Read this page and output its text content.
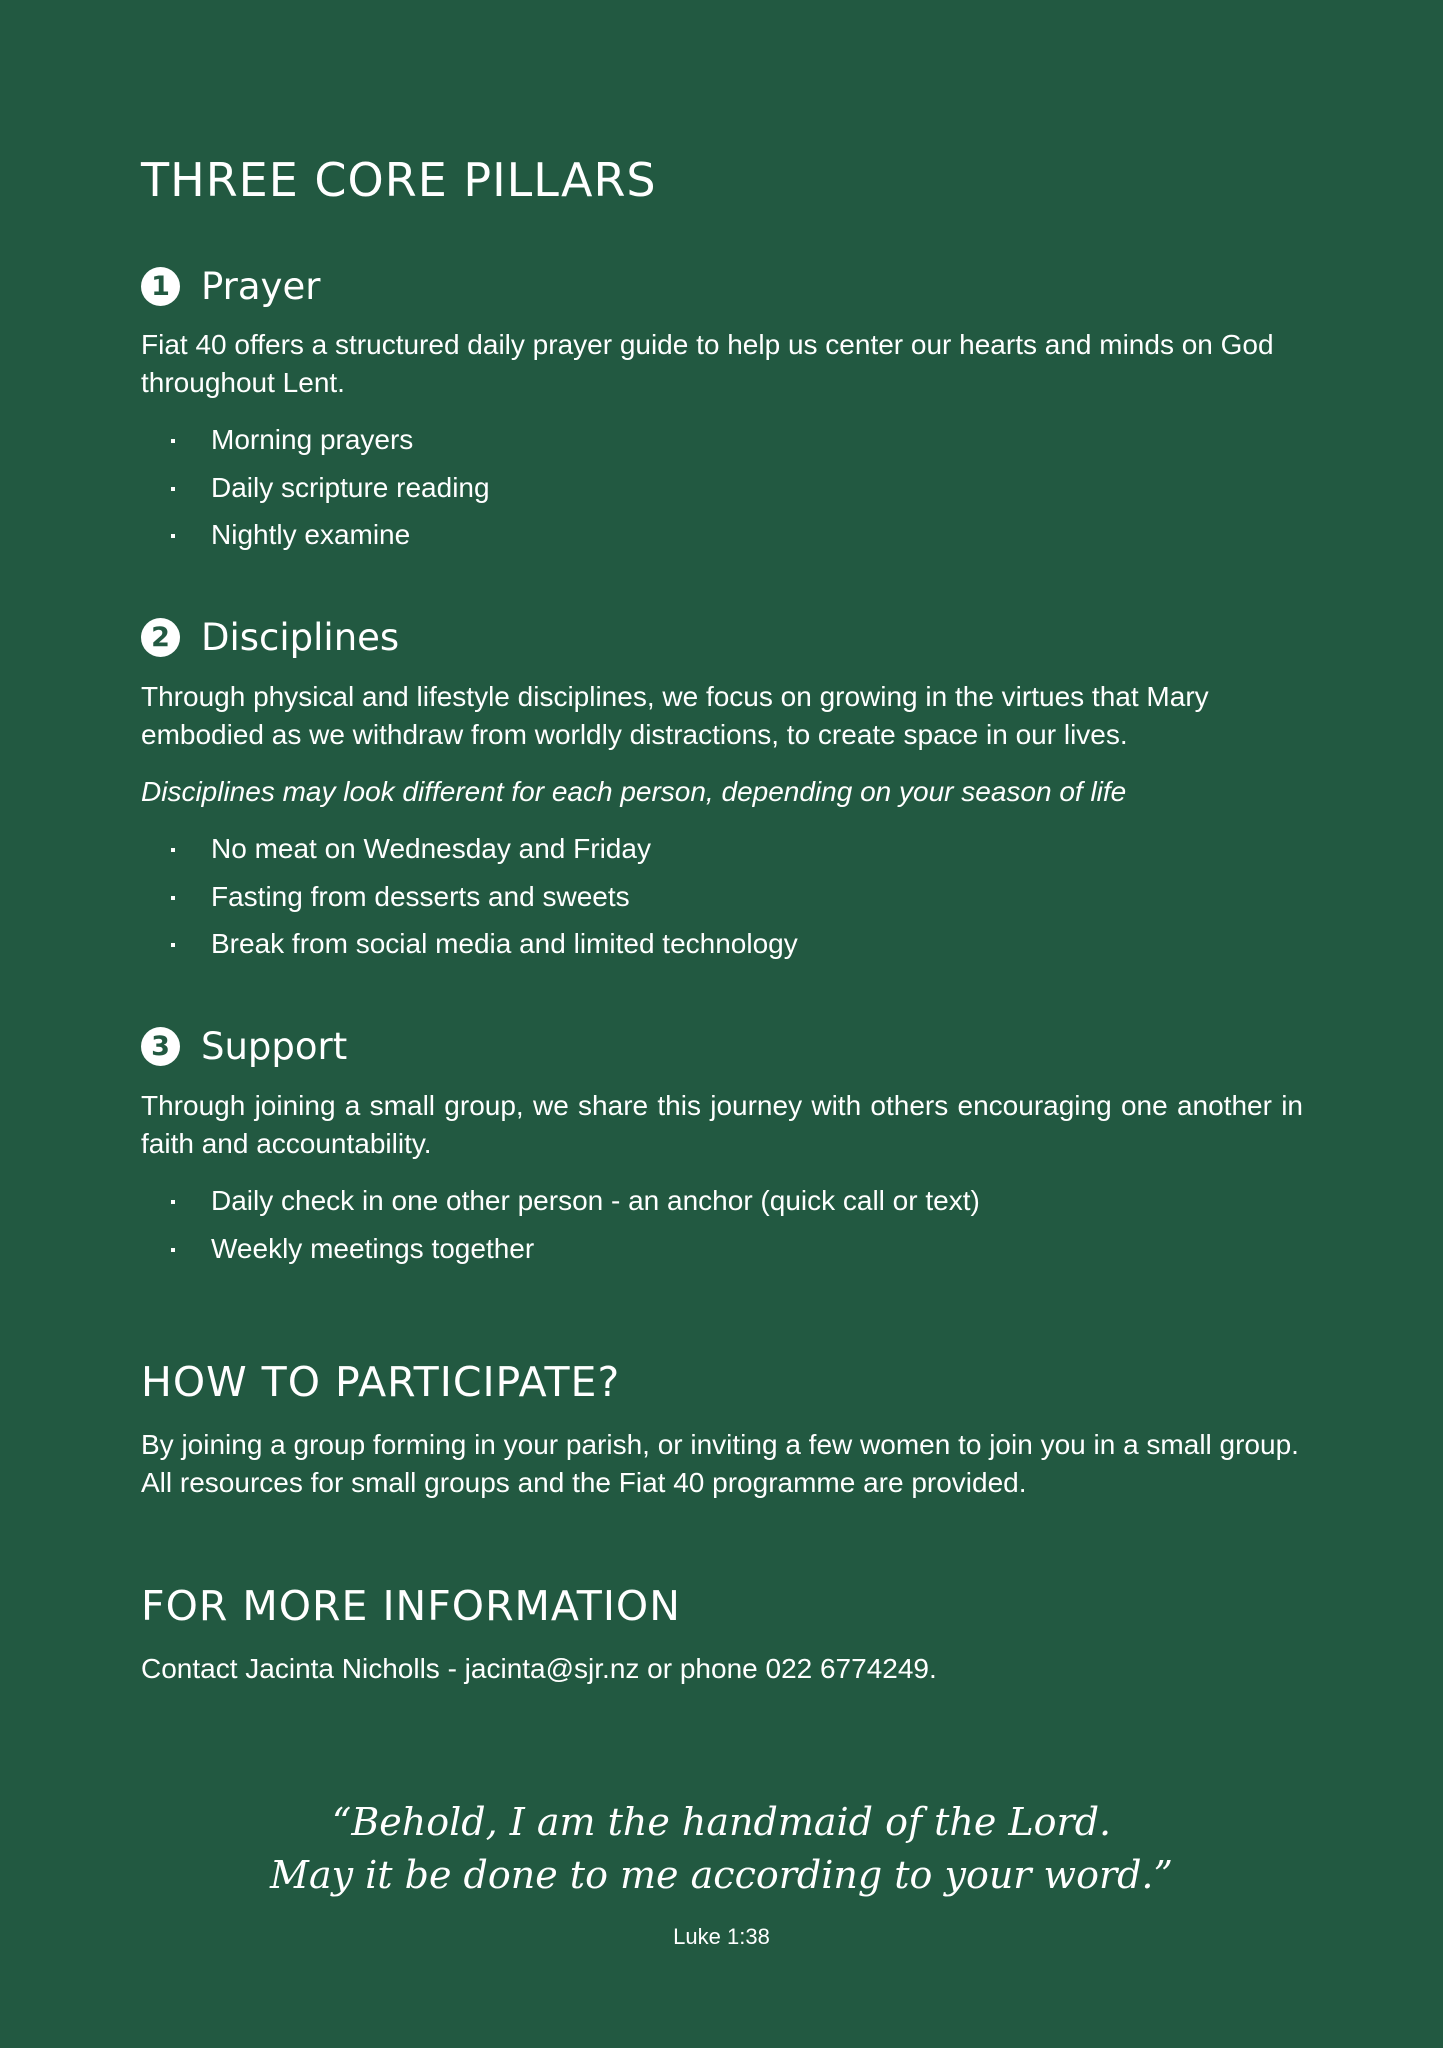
THREE CORE PILLARS
1 Prayer

Fiat 40 offers a structured daily prayer guide to help us center our hearts and minds on God throughout Lent.

Morning prayers
Daily scripture reading
Nightly examine
2 Disciplines

Through physical and lifestyle disciplines, we focus on growing in the virtues that Mary embodied as we withdraw from worldly distractions, to create space in our lives.

Disciplines may look different for each person, depending on your season of life

No meat on Wednesday and Friday
Fasting from desserts and sweets
Break from social media and limited technology
3 Support

Through joining a small group, we share this journey with others encouraging one another in faith and accountability.

Daily check in one other person - an anchor (quick call or text)
Weekly meetings together
HOW TO PARTICIPATE?

By joining a group forming in your parish, or inviting a few women to join you in a small group. All resources for small groups and the Fiat 40 programme are provided.

FOR MORE INFORMATION

Contact Jacinta Nicholls - jacinta@sjr.nz or phone 022 6774249.

“Behold, I am the handmaid of the Lord.
May it be done to me according to your word.”
Luke 1:38
